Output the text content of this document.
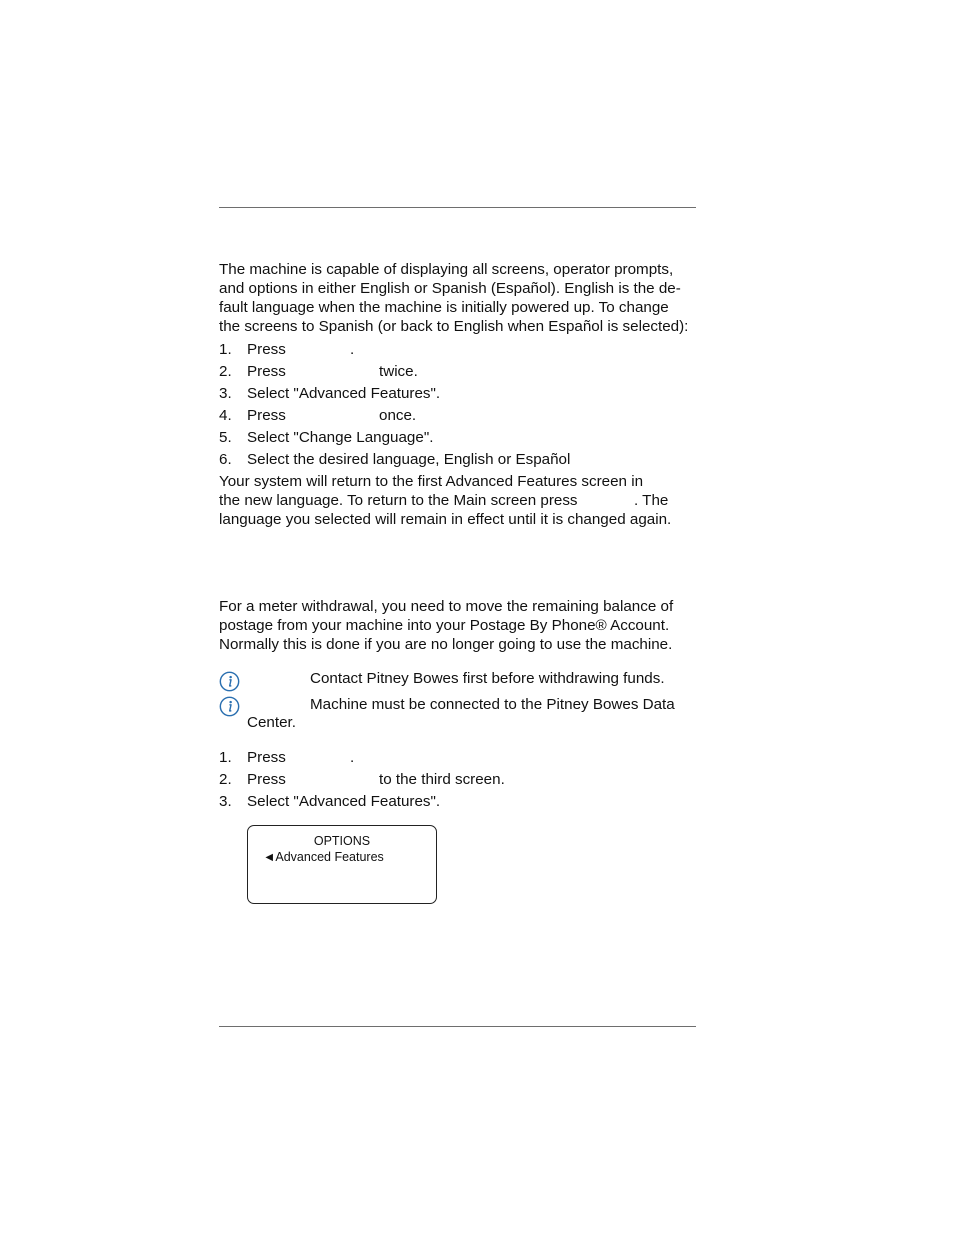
The machine is capable of displaying all screens, operator prompts,
and options in either English or Spanish (Español). English is the de-
fault language when the machine is initially powered up. To change
the screens to Spanish (or back to English when Español is selected):

1. Press	.
2. Press	twice.
3. Select "Advanced Features".
4. Press	once.
5. Select "Change Language".
6. Select the desired language, English or Español

Your system will return to the first Advanced Features screen in
the new language. To return to the Main screen press	. The
language you selected will remain in effect until it is changed again.

For a meter withdrawal, you need to move the remaining balance of
postage from your machine into your Postage By Phone® Account.
Normally this is done if you are no longer going to use the machine.

Contact Pitney Bowes first before withdrawing funds.
Machine must be connected to the Pitney Bowes Data
Center.
1. Press	.
2. Press	to the third screen.
3. Select "Advanced Features".
OPTIONS
◄Advanced Features
